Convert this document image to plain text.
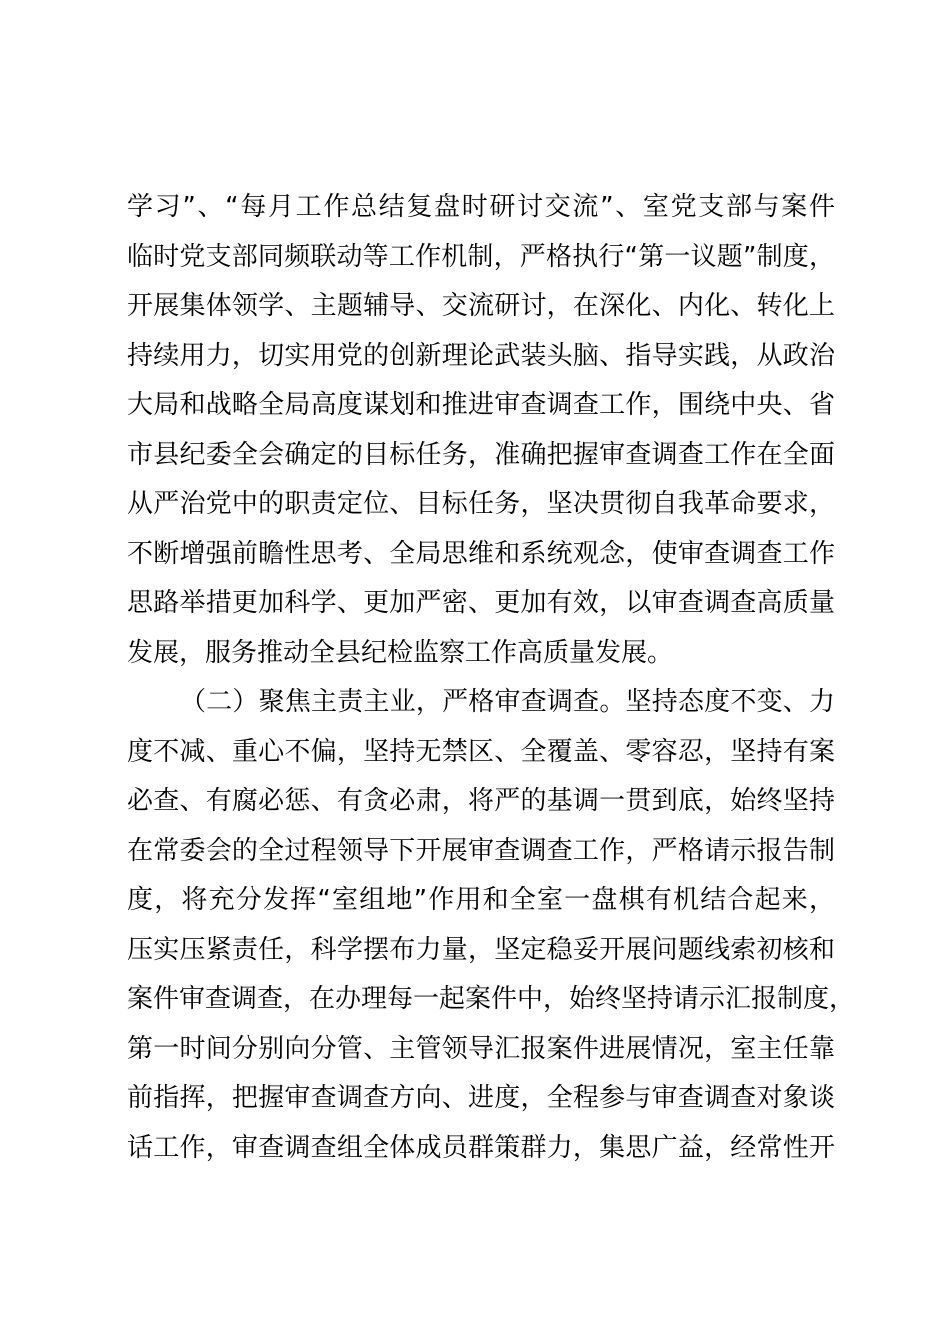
学习”、“每月工作总结复盘时研讨交流”、室党支部与案件
临时党支部同频联动等工作机制，严格执行“第一议题”制度，
开展集体领学、主题辅导、交流研讨，在深化、内化、转化上
持续用力，切实用党的创新理论武装头脑、指导实践，从政治
大局和战略全局高度谋划和推进审查调查工作，围绕中央、省
市县纪委全会确定的目标任务，准确把握审查调查工作在全面
从严治党中的职责定位、目标任务，坚决贯彻自我革命要求，
不断增强前瞻性思考、全局思维和系统观念，使审查调查工作
思路举措更加科学、更加严密、更加有效，以审查调查高质量
发展，服务推动全县纪检监察工作高质量发展。
（二）聚焦主责主业，严格审查调查。坚持态度不变、力
度不减、重心不偏，坚持无禁区、全覆盖、零容忍，坚持有案
必查、有腐必惩、有贪必肃，将严的基调一贯到底，始终坚持
在常委会的全过程领导下开展审查调查工作，严格请示报告制
度，将充分发挥“室组地”作用和全室一盘棋有机结合起来，
压实压紧责任，科学摆布力量，坚定稳妥开展问题线索初核和
案件审查调查，在办理每一起案件中，始终坚持请示汇报制度，
第一时间分别向分管、主管领导汇报案件进展情况，室主任靠
前指挥，把握审查调查方向、进度，全程参与审查调查对象谈
话工作，审查调查组全体成员群策群力，集思广益，经常性开
